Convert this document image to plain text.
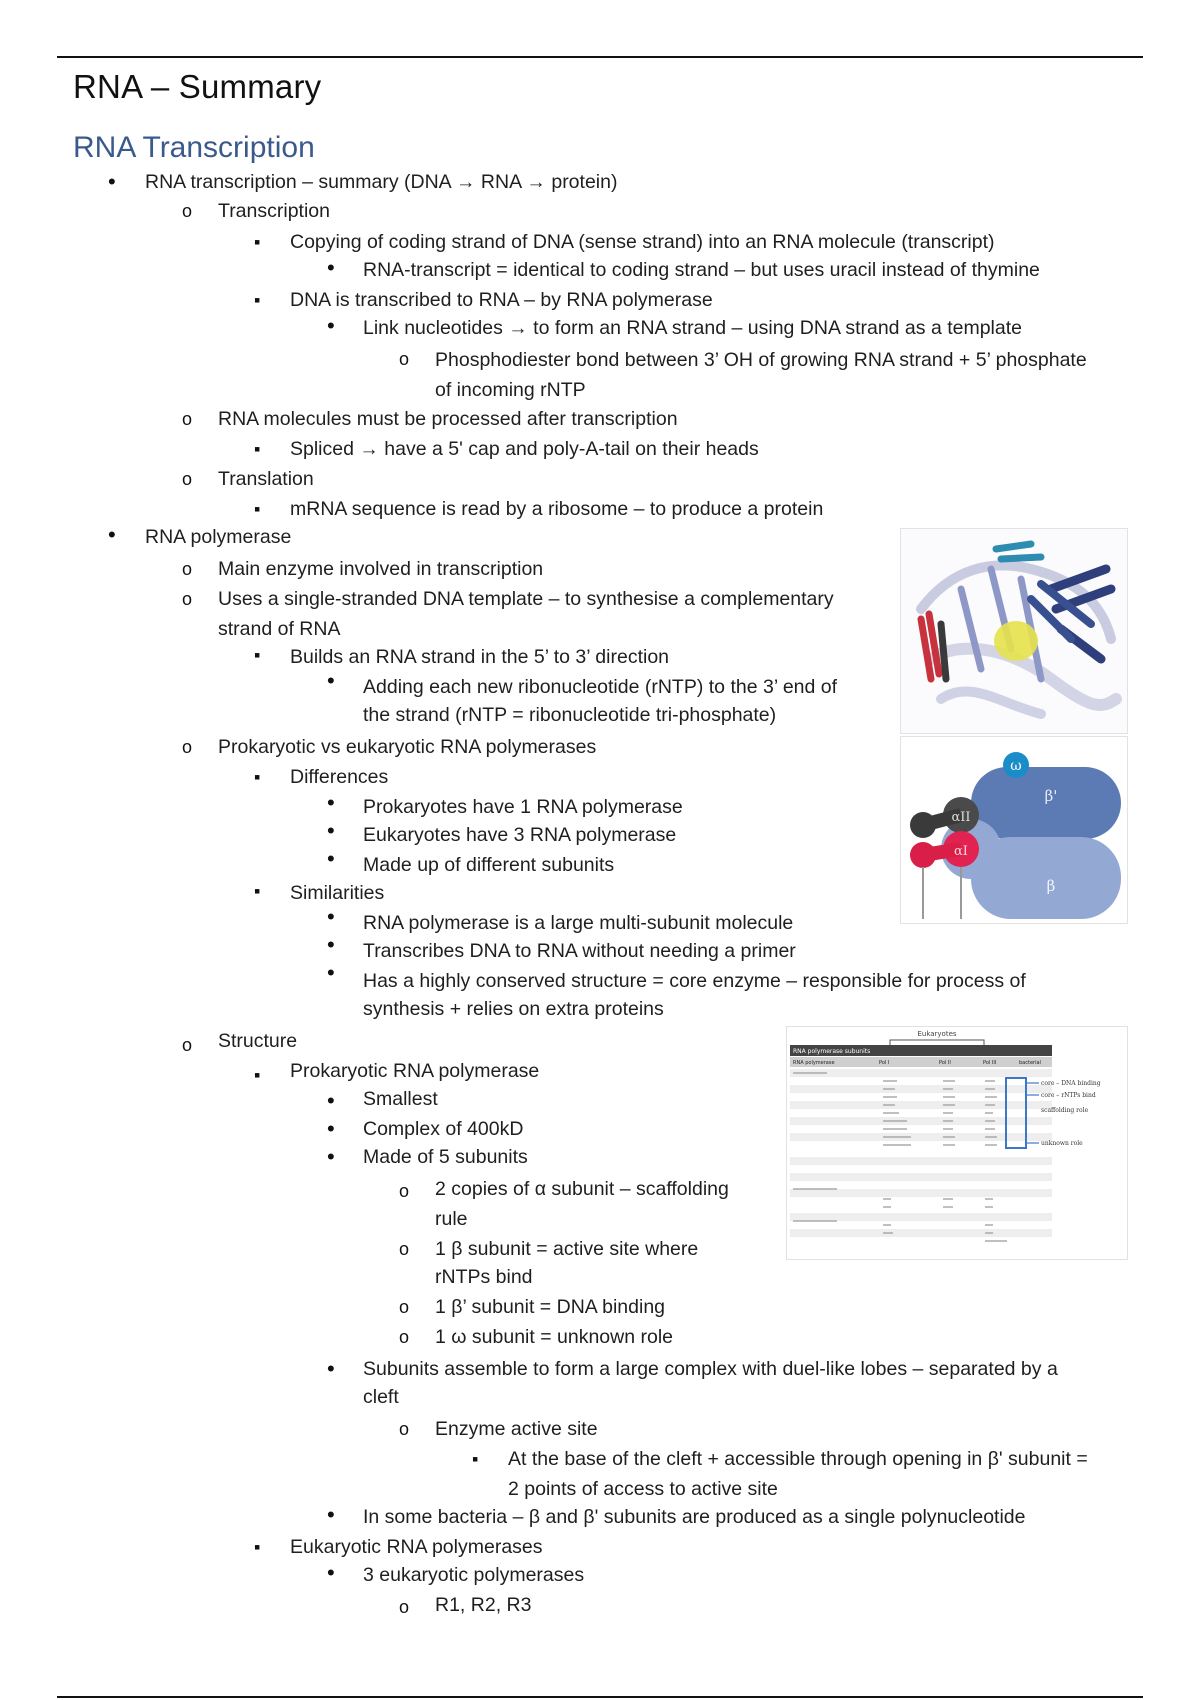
RNA – Summary
RNA Transcription
•
o
▪
•
▪
•
o
o
▪
o
▪
•
o
o
▪
•
o
▪
•
•
•
▪
•
•
•
o
▪
•
•
•
o
o
o
o
•
o
▪
•
▪
•
o
RNA transcription – summary (DNA → RNA → protein)
Transcription
Copying of coding strand of DNA (sense strand) into an RNA molecule (transcript)
RNA-transcript = identical to coding strand – but uses uracil instead of thymine
DNA is transcribed to RNA – by RNA polymerase
Link nucleotides → to form an RNA strand – using DNA strand as a template
Phosphodiester bond between 3’ OH of growing RNA strand + 5’ phosphate
of incoming rNTP
RNA molecules must be processed after transcription
Spliced → have a 5' cap and poly-A-tail on their heads
Translation
mRNA sequence is read by a ribosome – to produce a protein
RNA polymerase
Main enzyme involved in transcription
Uses a single-stranded DNA template – to synthesise a complementary
strand of RNA
Builds an RNA strand in the 5’ to 3’ direction
Adding each new ribonucleotide (rNTP) to the 3’ end of
the strand (rNTP = ribonucleotide tri-phosphate)
Prokaryotic vs eukaryotic RNA polymerases
Differences
Prokaryotes have 1 RNA polymerase
Eukaryotes have 3 RNA polymerase
Made up of different subunits
Similarities
RNA polymerase is a large multi-subunit molecule
Transcribes DNA to RNA without needing a primer
Has a highly conserved structure = core enzyme – responsible for process of
synthesis + relies on extra proteins
Structure
Prokaryotic RNA polymerase
Smallest
Complex of 400kD
Made of 5 subunits
2 copies of α subunit – scaffolding
rule
1 β subunit = active site where
rNTPs bind
1 β’ subunit = DNA binding
1 ω subunit = unknown role
Subunits assemble to form a large complex with duel-like lobes – separated by a
cleft
Enzyme active site
At the base of the cleft + accessible through opening in β' subunit =
2 points of access to active site
In some bacteria – β and β' subunits are produced as a single polynucleotide
Eukaryotic RNA polymerases
3 eukaryotic polymerases
R1, R2, R3
ω
β'
β
αII
αI
Eukaryotes
RNA polymerase subunits
RNA polymerase	Pol I	Pol II	Pol III	bacterial
core – DNA binding
core – rNTPs bind
scaffolding role
unknown role
